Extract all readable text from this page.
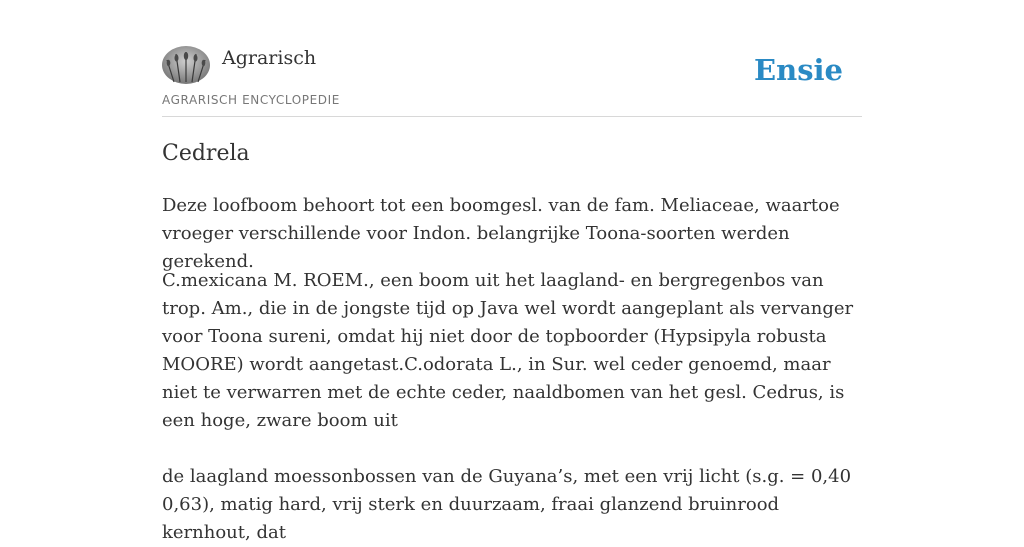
Agrarisch
AGRARISCH ENCYCLOPEDIE
Ensie
Cedrela

Deze loofboom behoort tot een boomgesl. van de fam. Meliaceae, waartoe vroeger verschillende voor Indon. belangrijke Toona-soorten werden gerekend.

C.mexicana M. ROEM., een boom uit het laagland- en bergregenbos van trop. Am., die in de jongste tijd op Java wel wordt aangeplant als vervanger voor Toona sureni, omdat hij niet door de topboorder (Hypsipyla robusta MOORE) wordt aangetast.C.odorata L., in Sur. wel ceder genoemd, maar niet te verwarren met de echte ceder, naaldbomen van het gesl. Cedrus, is een hoge, zware boom uit

de laagland moessonbossen van de Guyana’s, met een vrij licht (s.g. = 0,40 0,63), matig hard, vrij sterk en duurzaam, fraai glanzend bruinrood kernhout, dat
